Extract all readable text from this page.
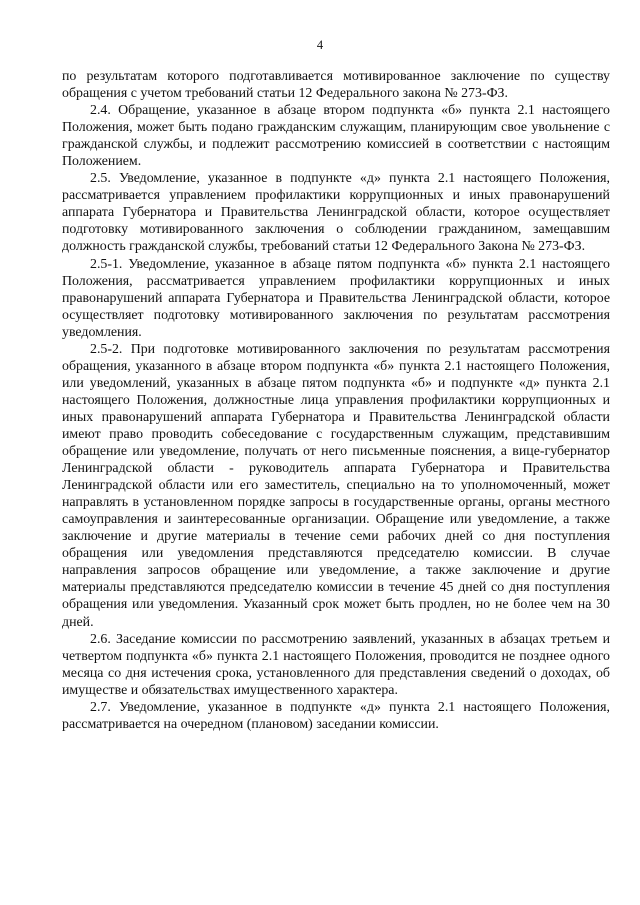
4

по результатам которого подготавливается мотивированное заключение по существу обращения с учетом требований статьи 12 Федерального закона № 273-ФЗ.

2.4. Обращение, указанное в абзаце втором подпункта «б» пункта 2.1 настоящего Положения, может быть подано гражданским служащим, планирующим свое увольнение с гражданской службы, и подлежит рассмотрению комиссией в соответствии с настоящим Положением.

2.5. Уведомление, указанное в подпункте «д» пункта 2.1 настоящего Положения, рассматривается управлением профилактики коррупционных и иных правонарушений аппарата Губернатора и Правительства Ленинградской области, которое осуществляет подготовку мотивированного заключения о соблюдении гражданином, замещавшим должность гражданской службы, требований статьи 12 Федерального Закона № 273-ФЗ.

2.5-1. Уведомление, указанное в абзаце пятом подпункта «б» пункта 2.1 настоящего Положения, рассматривается управлением профилактики коррупционных и иных правонарушений аппарата Губернатора и Правительства Ленинградской области, которое осуществляет подготовку мотивированного заключения по результатам рассмотрения уведомления.

2.5-2. При подготовке мотивированного заключения по результатам рассмотрения обращения, указанного в абзаце втором подпункта «б» пункта 2.1 настоящего Положения, или уведомлений, указанных в абзаце пятом подпункта «б» и подпункте «д» пункта 2.1 настоящего Положения, должностные лица управления профилактики коррупционных и иных правонарушений аппарата Губернатора и Правительства Ленинградской области имеют право проводить собеседование с государственным служащим, представившим обращение или уведомление, получать от него письменные пояснения, а вице-губернатор Ленинградской области - руководитель аппарата Губернатора и Правительства Ленинградской области или его заместитель, специально на то уполномоченный, может направлять в установленном порядке запросы в государственные органы, органы местного самоуправления и заинтересованные организации. Обращение или уведомление, а также заключение и другие материалы в течение семи рабочих дней со дня поступления обращения или уведомления представляются председателю комиссии. В случае направления запросов обращение или уведомление, а также заключение и другие материалы представляются председателю комиссии в течение 45 дней со дня поступления обращения или уведомления. Указанный срок может быть продлен, но не более чем на 30 дней.

2.6. Заседание комиссии по рассмотрению заявлений, указанных в абзацах третьем и четвертом подпункта «б» пункта 2.1 настоящего Положения, проводится не позднее одного месяца со дня истечения срока, установленного для представления сведений о доходах, об имуществе и обязательствах имущественного характера.

2.7. Уведомление, указанное в подпункте «д» пункта 2.1 настоящего Положения, рассматривается на очередном (плановом) заседании комиссии.
